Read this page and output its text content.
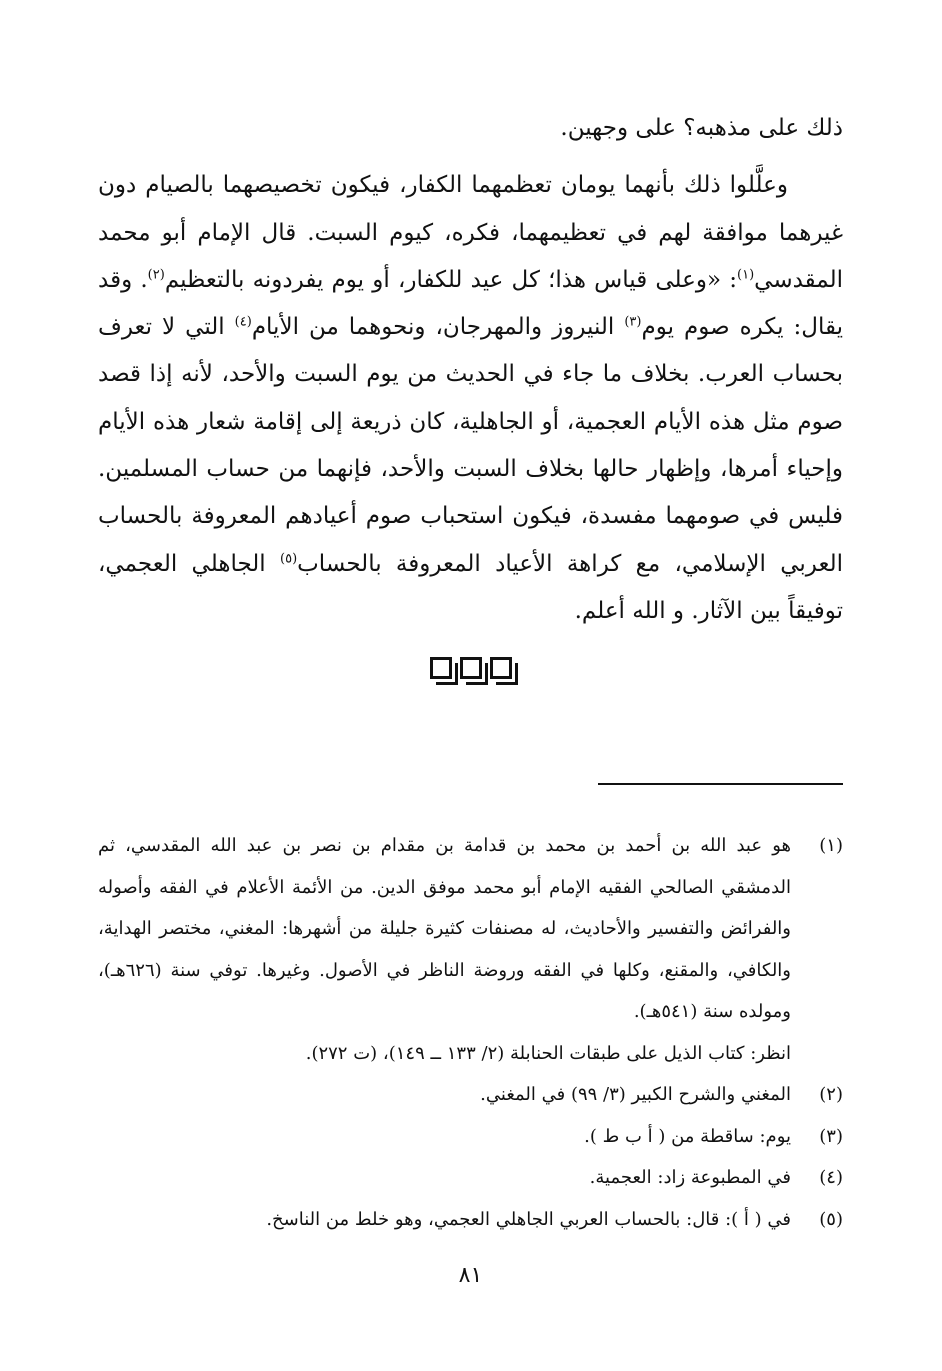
ذلك على مذهبه؟ على وجهين.

وعلَّلوا ذلك بأنهما يومان تعظمهما الكفار، فيكون تخصيصهما بالصيام دون غيرهما موافقة لهم في تعظيمهما، فكره، كيوم السبت. قال الإمام أبو محمد المقدسي$^{(١)}$: «وعلى قياس هذا؛ كل عيد للكفار، أو يوم يفردونه بالتعظيم$^{(٢)}$. وقد يقال: يكره صوم يوم$^{(٣)}$ النيروز والمهرجان، ونحوهما من الأيام$^{(٤)}$ التي لا تعرف بحساب العرب. بخلاف ما جاء في الحديث من يوم السبت والأحد، لأنه إذا قصد صوم مثل هذه الأيام العجمية، أو الجاهلية، كان ذريعة إلى إقامة شعار هذه الأيام وإحياء أمرها، وإظهار حالها بخلاف السبت والأحد، فإنهما من حساب المسلمين. فليس في صومهما مفسدة، فيكون استحباب صوم أعيادهم المعروفة بالحساب العربي الإسلامي، مع كراهة الأعياد المعروفة بالحساب$^{(٥)}$ الجاهلي العجمي، توفيقاً بين الآثار. و الله أعلم.

(١)
هو عبد الله بن أحمد بن محمد بن قدامة بن مقدام بن نصر بن عبد الله المقدسي، ثم الدمشقي الصالحي الفقيه الإمام أبو محمد موفق الدين. من الأئمة الأعلام في الفقه وأصوله والفرائض والتفسير والأحاديث، له مصنفات كثيرة جليلة من أشهرها: المغني، مختصر الهداية، والكافي، والمقنع، وكلها في الفقه وروضة الناظر في الأصول. وغيرها. توفي سنة (٦٢٦هـ)، ومولده سنة (٥٤١هـ).
انظر: كتاب الذيل على طبقات الحنابلة (٢/ ١٣٣ ــ ١٤٩)، (ت ٢٧٢).
(٢)
المغني والشرح الكبير (٣/ ٩٩) في المغني.
(٣)
يوم: ساقطة من ( أ ب ط ).
(٤)
في المطبوعة زاد: العجمية.
(٥)
في ( أ ): قال: بالحساب العربي الجاهلي العجمي، وهو خلط من الناسخ.
٨١
